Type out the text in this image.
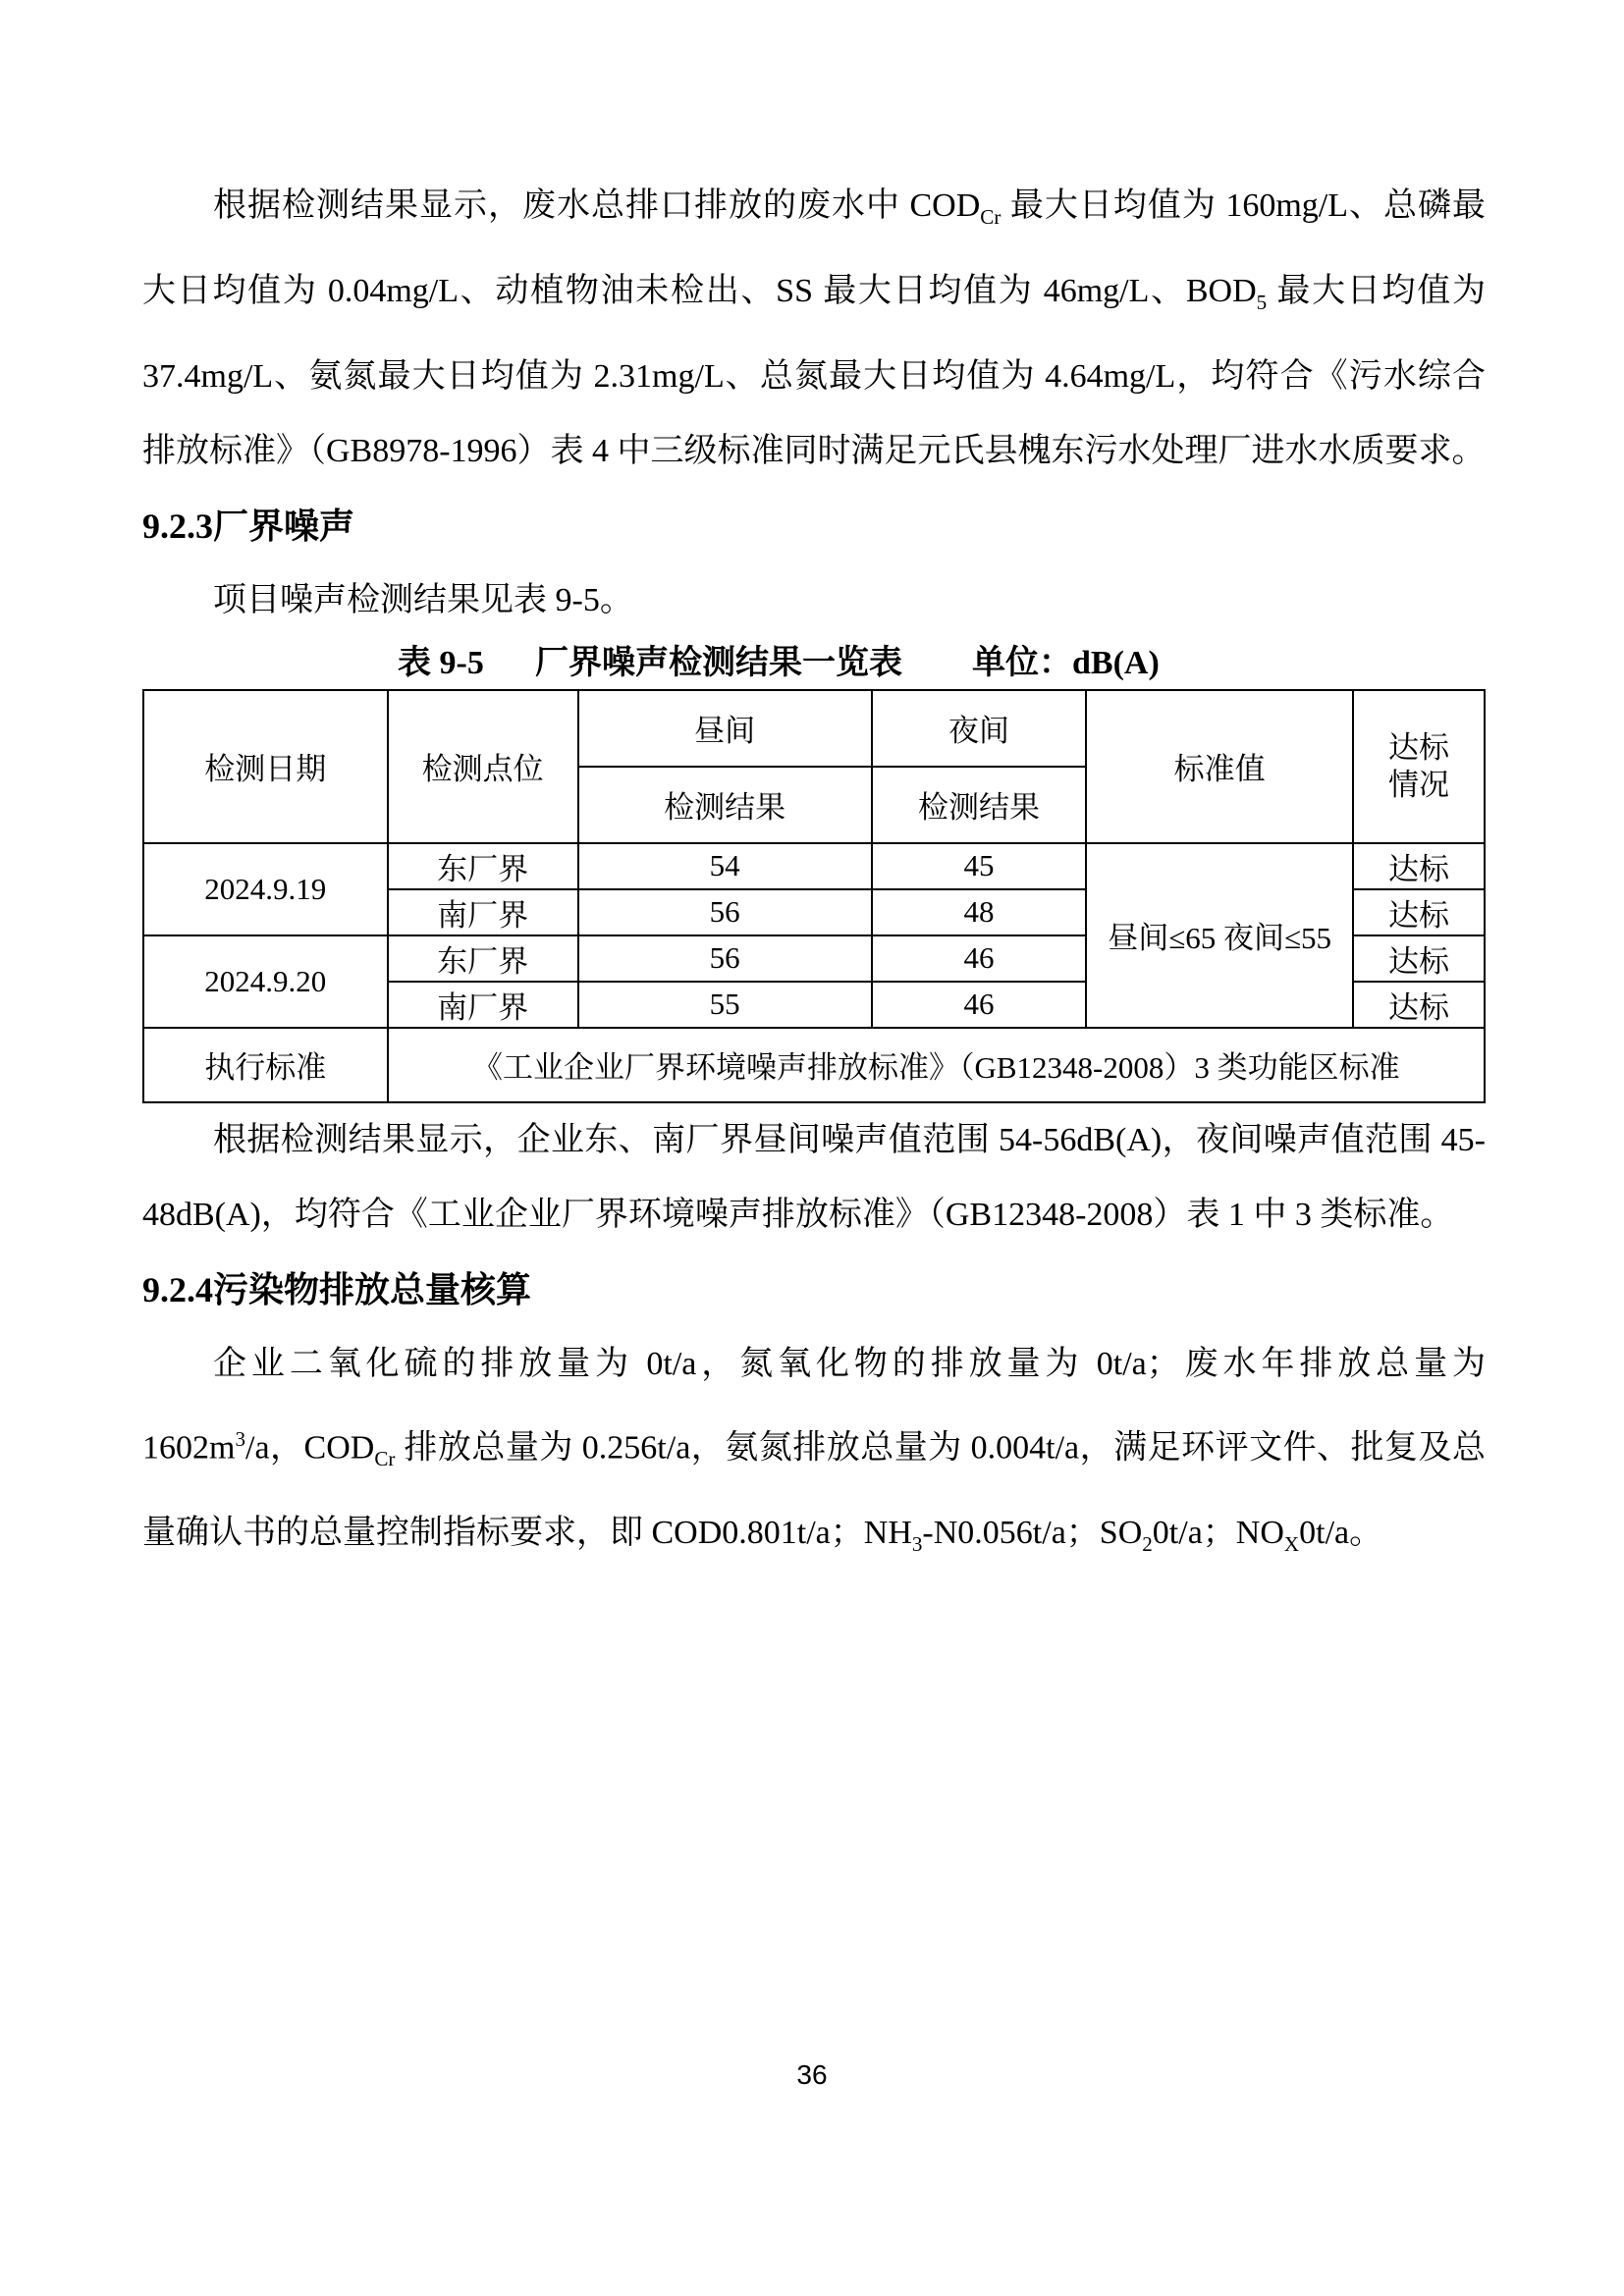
根据检测结果显示，废水总排口排放的废水中 $COD_{Cr}$ 最大日均值为 160mg/L、总磷最大日均值为 0.04mg/L、动植物油未检出、SS 最大日均值为 46mg/L、$BOD_5$ 最大日均值为 37.4mg/L、氨氮最大日均值为 2.31mg/L、总氮最大日均值为 4.64mg/L，均符合《污水综合排放标准》（GB8978-1996）表 4 中三级标准同时满足元氏县槐东污水处理厂进水水质要求。

9.2.3厂界噪声

项目噪声检测结果见表 9-5。

表 9-5 厂界噪声检测结果一览表 单位：dB(A)
检测日期	检测点位	昼间	夜间	标准值	达标
情况
		检测结果	检测结果		
2024.9.19	东厂界	54	45	昼间≤65 夜间≤55	达标
	南厂界	56	48		达标
2024.9.20	东厂界	56	46		达标
	南厂界	55	46		达标
执行标准	《工业企业厂界环境噪声排放标准》（GB12348-2008）3 类功能区标准				

根据检测结果显示，企业东、南厂界昼间噪声值范围 54-56dB(A)，夜间噪声值范围 45-48dB(A)，均符合《工业企业厂界环境噪声排放标准》（GB12348-2008）表 1 中 3 类标准。

9.2.4污染物排放总量核算

企业二氧化硫的排放量为 0t/a，氮氧化物的排放量为 0t/a；废水年排放总量为 $1602m^3/a$，$COD_{Cr}$ 排放总量为 0.256t/a，氨氮排放总量为 0.004t/a，满足环评文件、批复及总量确认书的总量控制指标要求，即 COD0.801t/a；$NH_3-N0.056t/a$；$SO_20t/a$；$NO_X0t/a$。

36
